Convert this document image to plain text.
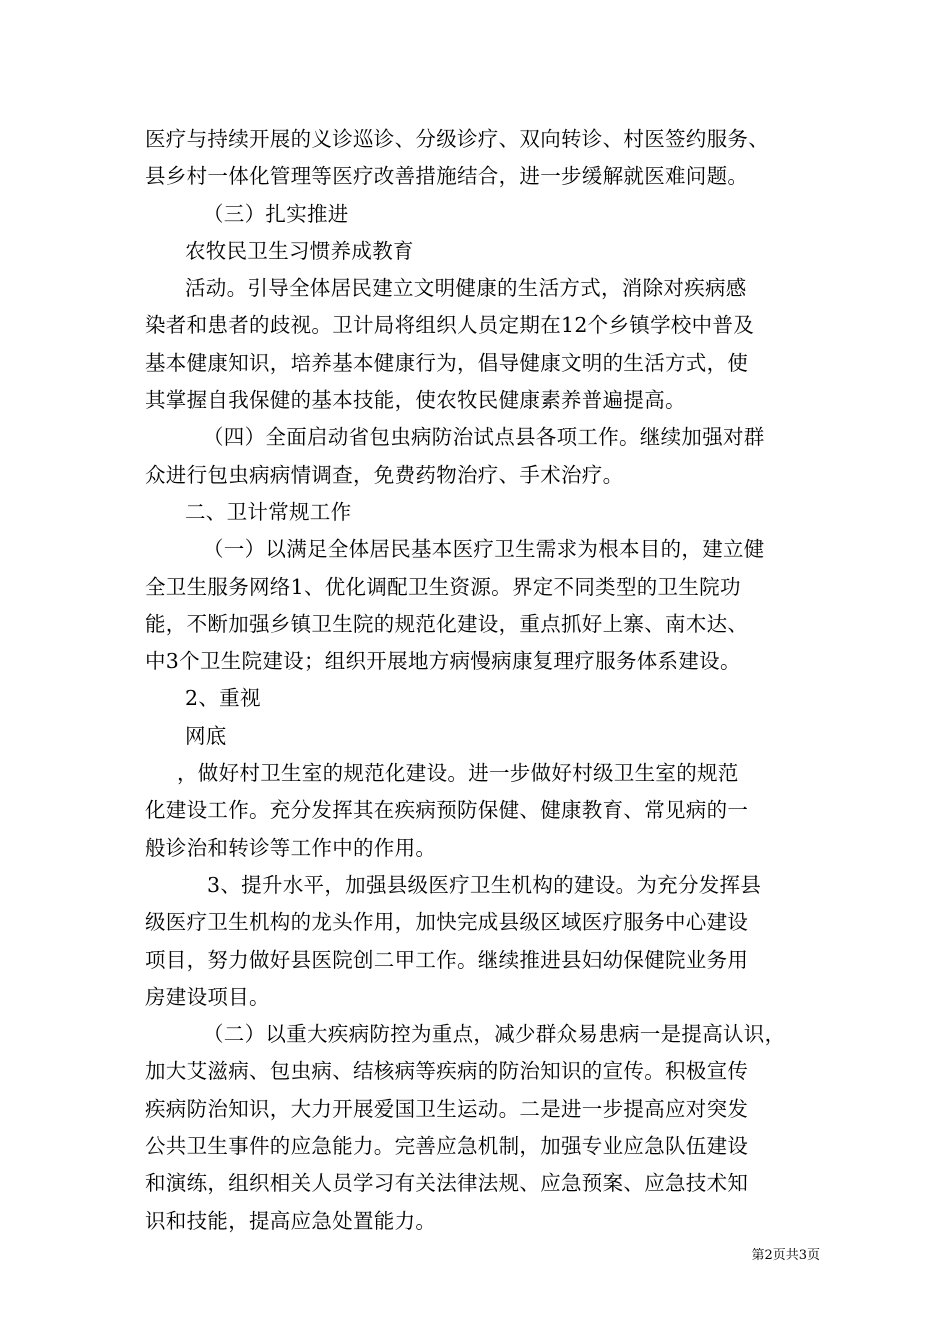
医疗与持续开展的义诊巡诊、分级诊疗、双向转诊、村医签约服务、
县乡村一体化管理等医疗改善措施结合，进一步缓解就医难问题。
（三）扎实推进
农牧民卫生习惯养成教育
活动。引导全体居民建立文明健康的生活方式，消除对疾病感
染者和患者的歧视。卫计局将组织人员定期在12个乡镇学校中普及
基本健康知识，培养基本健康行为，倡导健康文明的生活方式，使
其掌握自我保健的基本技能，使农牧民健康素养普遍提高。
（四）全面启动省包虫病防治试点县各项工作。继续加强对群
众进行包虫病病情调查，免费药物治疗、手术治疗。
二、卫计常规工作
（一）以满足全体居民基本医疗卫生需求为根本目的，建立健
全卫生服务网络1、优化调配卫生资源。界定不同类型的卫生院功
能，不断加强乡镇卫生院的规范化建设，重点抓好上寨、南木达、
中3个卫生院建设；组织开展地方病慢病康复理疗服务体系建设。
2、重视
网底
，做好村卫生室的规范化建设。进一步做好村级卫生室的规范
化建设工作。充分发挥其在疾病预防保健、健康教育、常见病的一
般诊治和转诊等工作中的作用。
3、提升水平，加强县级医疗卫生机构的建设。为充分发挥县
级医疗卫生机构的龙头作用，加快完成县级区域医疗服务中心建设
项目，努力做好县医院创二甲工作。继续推进县妇幼保健院业务用
房建设项目。
（二）以重大疾病防控为重点，减少群众易患病一是提高认识，
加大艾滋病、包虫病、结核病等疾病的防治知识的宣传。积极宣传
疾病防治知识，大力开展爱国卫生运动。二是进一步提高应对突发
公共卫生事件的应急能力。完善应急机制，加强专业应急队伍建设
和演练，组织相关人员学习有关法律法规、应急预案、应急技术知
识和技能，提高应急处置能力。
第2页共3页
